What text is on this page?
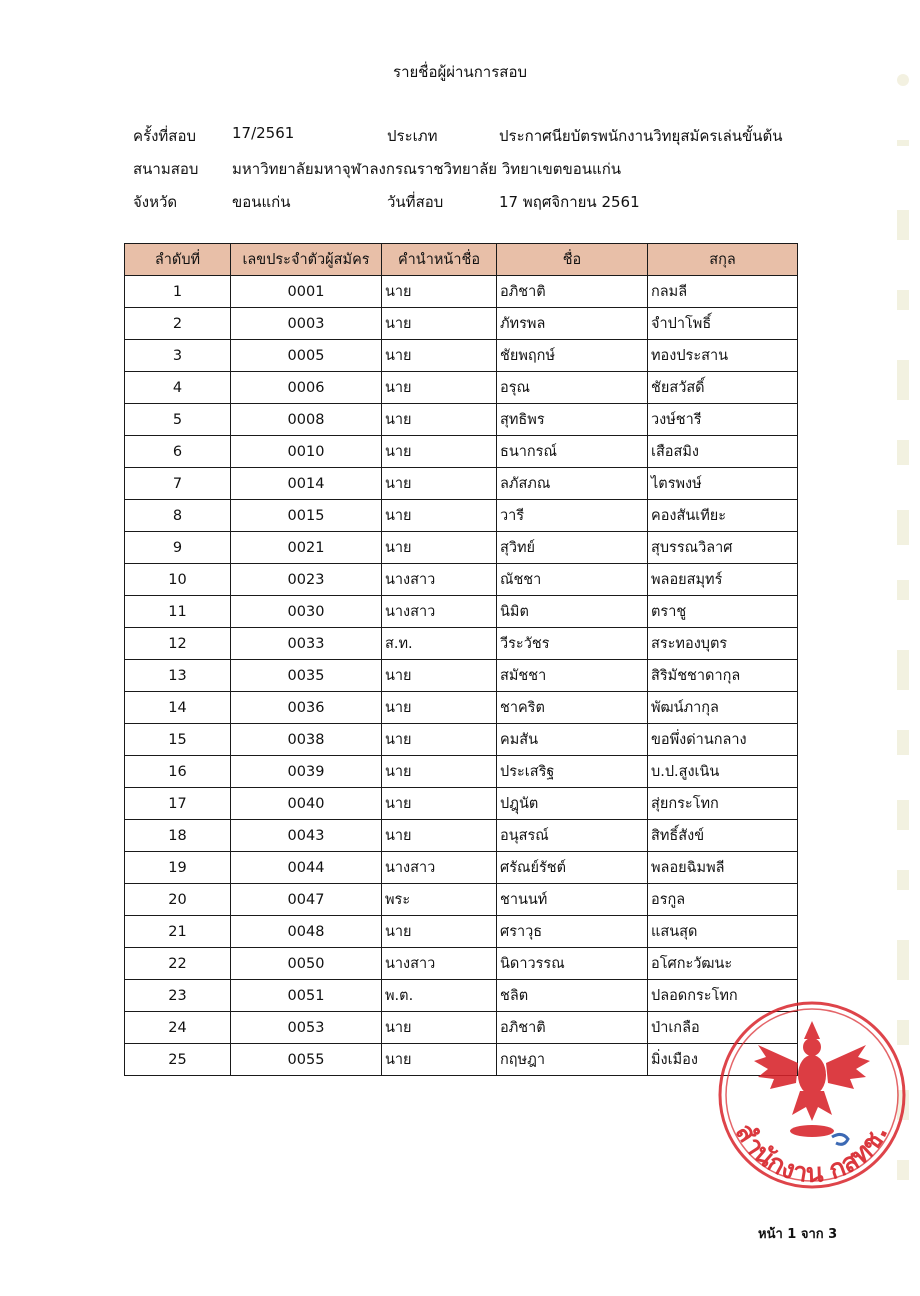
รายชื่อผู้ผ่านการสอบ
ครั้งที่สอบ 17/2561	ประเภท	ประกาศนียบัตรพนักงานวิทยุสมัครเล่นขั้นต้น
สนามสอบ มหาวิทยาลัยมหาจุฬาลงกรณราชวิทยาลัย วิทยาเขตขอนแก่น
จังหวัด	ขอนแก่น	วันที่สอบ	17 พฤศจิกายน 2561
ลำดับที่	เลขประจำตัวผู้สมัคร	คำนำหน้าชื่อ	ชื่อ	สกุล
1	0001	นาย	อภิชาติ	กลมลี
2	0003	นาย	ภัทรพล	จำปาโพธิ์
3	0005	นาย	ชัยพฤกษ์	ทองประสาน
4	0006	นาย	อรุณ	ชัยสวัสดิ์
5	0008	นาย	สุทธิพร	วงษ์ชารี
6	0010	นาย	ธนากรณ์	เสือสมิง
7	0014	นาย	ลภัสภณ	ไตรพงษ์
8	0015	นาย	วารี	คองสันเทียะ
9	0021	นาย	สุวิทย์	สุบรรณวิลาศ
10	0023	นางสาว	ณัชชา	พลอยสมุทร์
11	0030	นางสาว	นิมิต	ตราชู
12	0033	ส.ท.	วีระวัชร	สระทองบุตร
13	0035	นาย	สมัชชา	สิริมัชชาดากุล
14	0036	นาย	ชาคริต	พัฒน์ภากุล
15	0038	นาย	คมสัน	ขอพึ่งด่านกลาง
16	0039	นาย	ประเสริฐ	บ.ป.สูงเนิน
17	0040	นาย	ปฎุนัต	สุ่ยกระโทก
18	0043	นาย	อนุสรณ์	สิทธิ์สังข์
19	0044	นางสาว	ศรัณย์รัชต์	พลอยฉิมพลี
20	0047	พระ	ชานนท์	อรกูล
21	0048	นาย	ศราวุธ	แสนสุด
22	0050	นางสาว	นิดาวรรณ	อโศกะวัฒนะ
23	0051	พ.ต.	ชลิต	ปลอดกระโทก
24	0053	นาย	อภิชาติ	ป่าเกลือ
25	0055	นาย	กฤษฎา	มิ่งเมือง
สำนักงาน กสทช.
หน้า 1 จาก 3
